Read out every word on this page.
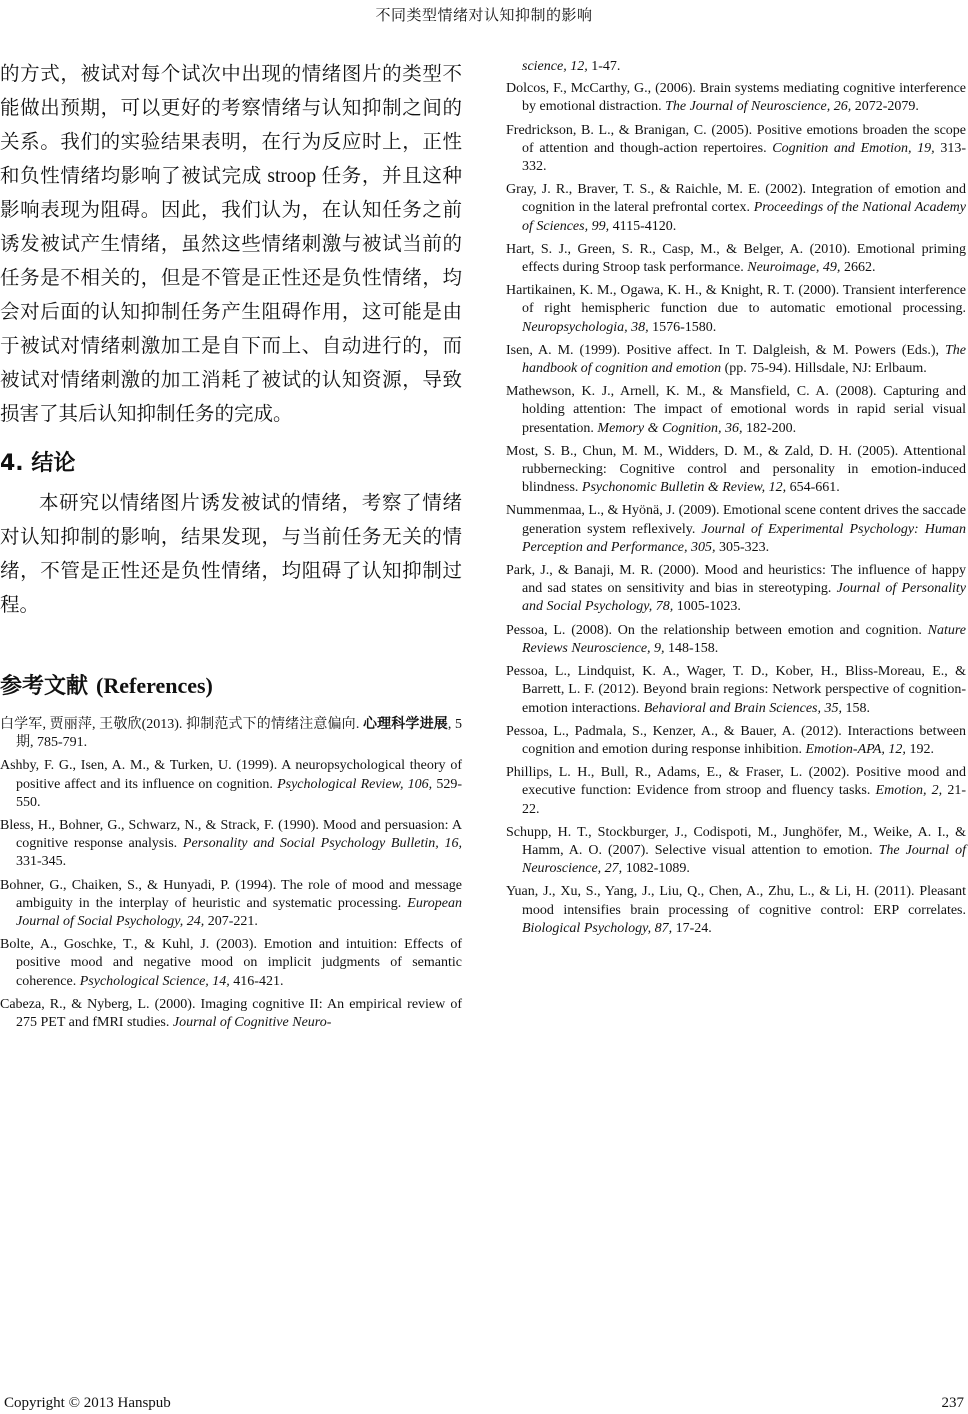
不同类型情绪对认知抑制的影响

的方式，被试对每个试次中出现的情绪图片的类型不能做出预期，可以更好的考察情绪与认知抑制之间的关系。我们的实验结果表明，在行为反应时上，正性和负性情绪均影响了被试完成 stroop 任务，并且这种影响表现为阻碍。因此，我们认为，在认知任务之前诱发被试产生情绪，虽然这些情绪刺激与被试当前的任务是不相关的，但是不管是正性还是负性情绪，均会对后面的认知抑制任务产生阻碍作用，这可能是由于被试对情绪刺激加工是自下而上、自动进行的，而被试对情绪刺激的加工消耗了被试的认知资源，导致损害了其后认知抑制任务的完成。

4. 结论

本研究以情绪图片诱发被试的情绪，考察了情绪对认知抑制的影响，结果发现，与当前任务无关的情绪，不管是正性还是负性情绪，均阻碍了认知抑制过程。

参考文献 (References)

白学军, 贾丽萍, 王敬欣(2013). 抑制范式下的情绪注意偏向. 心理科学进展, 5 期, 785-791.

Ashby, F. G., Isen, A. M., & Turken, U. (1999). A neuropsychological theory of positive affect and its influence on cognition. Psychological Review, 106, 529-550.

Bless, H., Bohner, G., Schwarz, N., & Strack, F. (1990). Mood and persuasion: A cognitive response analysis. Personality and Social Psychology Bulletin, 16, 331-345.

Bohner, G., Chaiken, S., & Hunyadi, P. (1994). The role of mood and message ambiguity in the interplay of heuristic and systematic processing. European Journal of Social Psychology, 24, 207-221.

Bolte, A., Goschke, T., & Kuhl, J. (2003). Emotion and intuition: Effects of positive mood and negative mood on implicit judgments of semantic coherence. Psychological Science, 14, 416-421.

Cabeza, R., & Nyberg, L. (2000). Imaging cognitive II: An empirical review of 275 PET and fMRI studies. Journal of Cognitive Neuro-

science, 12, 1-47.

Dolcos, F., McCarthy, G., (2006). Brain systems mediating cognitive interference by emotional distraction. The Journal of Neuroscience, 26, 2072-2079.

Fredrickson, B. L., & Branigan, C. (2005). Positive emotions broaden the scope of attention and though-action repertoires. Cognition and Emotion, 19, 313-332.

Gray, J. R., Braver, T. S., & Raichle, M. E. (2002). Integration of emotion and cognition in the lateral prefrontal cortex. Proceedings of the National Academy of Sciences, 99, 4115-4120.

Hart, S. J., Green, S. R., Casp, M., & Belger, A. (2010). Emotional priming effects during Stroop task performance. Neuroimage, 49, 2662.

Hartikainen, K. M., Ogawa, K. H., & Knight, R. T. (2000). Transient interference of right hemispheric function due to automatic emotional processing. Neuropsychologia, 38, 1576-1580.

Isen, A. M. (1999). Positive affect. In T. Dalgleish, & M. Powers (Eds.), The handbook of cognition and emotion (pp. 75-94). Hillsdale, NJ: Erlbaum.

Mathewson, K. J., Arnell, K. M., & Mansfield, C. A. (2008). Capturing and holding attention: The impact of emotional words in rapid serial visual presentation. Memory & Cognition, 36, 182-200.

Most, S. B., Chun, M. M., Widders, D. M., & Zald, D. H. (2005). Attentional rubbernecking: Cognitive control and personality in emotion-induced blindness. Psychonomic Bulletin & Review, 12, 654-661.

Nummenmaa, L., & Hyönä, J. (2009). Emotional scene content drives the saccade generation system reflexively. Journal of Experimental Psychology: Human Perception and Performance, 305, 305-323.

Park, J., & Banaji, M. R. (2000). Mood and heuristics: The influence of happy and sad states on sensitivity and bias in stereotyping. Journal of Personality and Social Psychology, 78, 1005-1023.

Pessoa, L. (2008). On the relationship between emotion and cognition. Nature Reviews Neuroscience, 9, 148-158.

Pessoa, L., Lindquist, K. A., Wager, T. D., Kober, H., Bliss-Moreau, E., & Barrett, L. F. (2012). Beyond brain regions: Network perspective of cognition-emotion interactions. Behavioral and Brain Sciences, 35, 158.

Pessoa, L., Padmala, S., Kenzer, A., & Bauer, A. (2012). Interactions between cognition and emotion during response inhibition. Emotion-APA, 12, 192.

Phillips, L. H., Bull, R., Adams, E., & Fraser, L. (2002). Positive mood and executive function: Evidence from stroop and fluency tasks. Emotion, 2, 21-22.

Schupp, H. T., Stockburger, J., Codispoti, M., Junghöfer, M., Weike, A. I., & Hamm, A. O. (2007). Selective visual attention to emotion. The Journal of Neuroscience, 27, 1082-1089.

Yuan, J., Xu, S., Yang, J., Liu, Q., Chen, A., Zhu, L., & Li, H. (2011). Pleasant mood intensifies brain processing of cognitive control: ERP correlates. Biological Psychology, 87, 17-24.

Copyright © 2013 Hanspub	237
